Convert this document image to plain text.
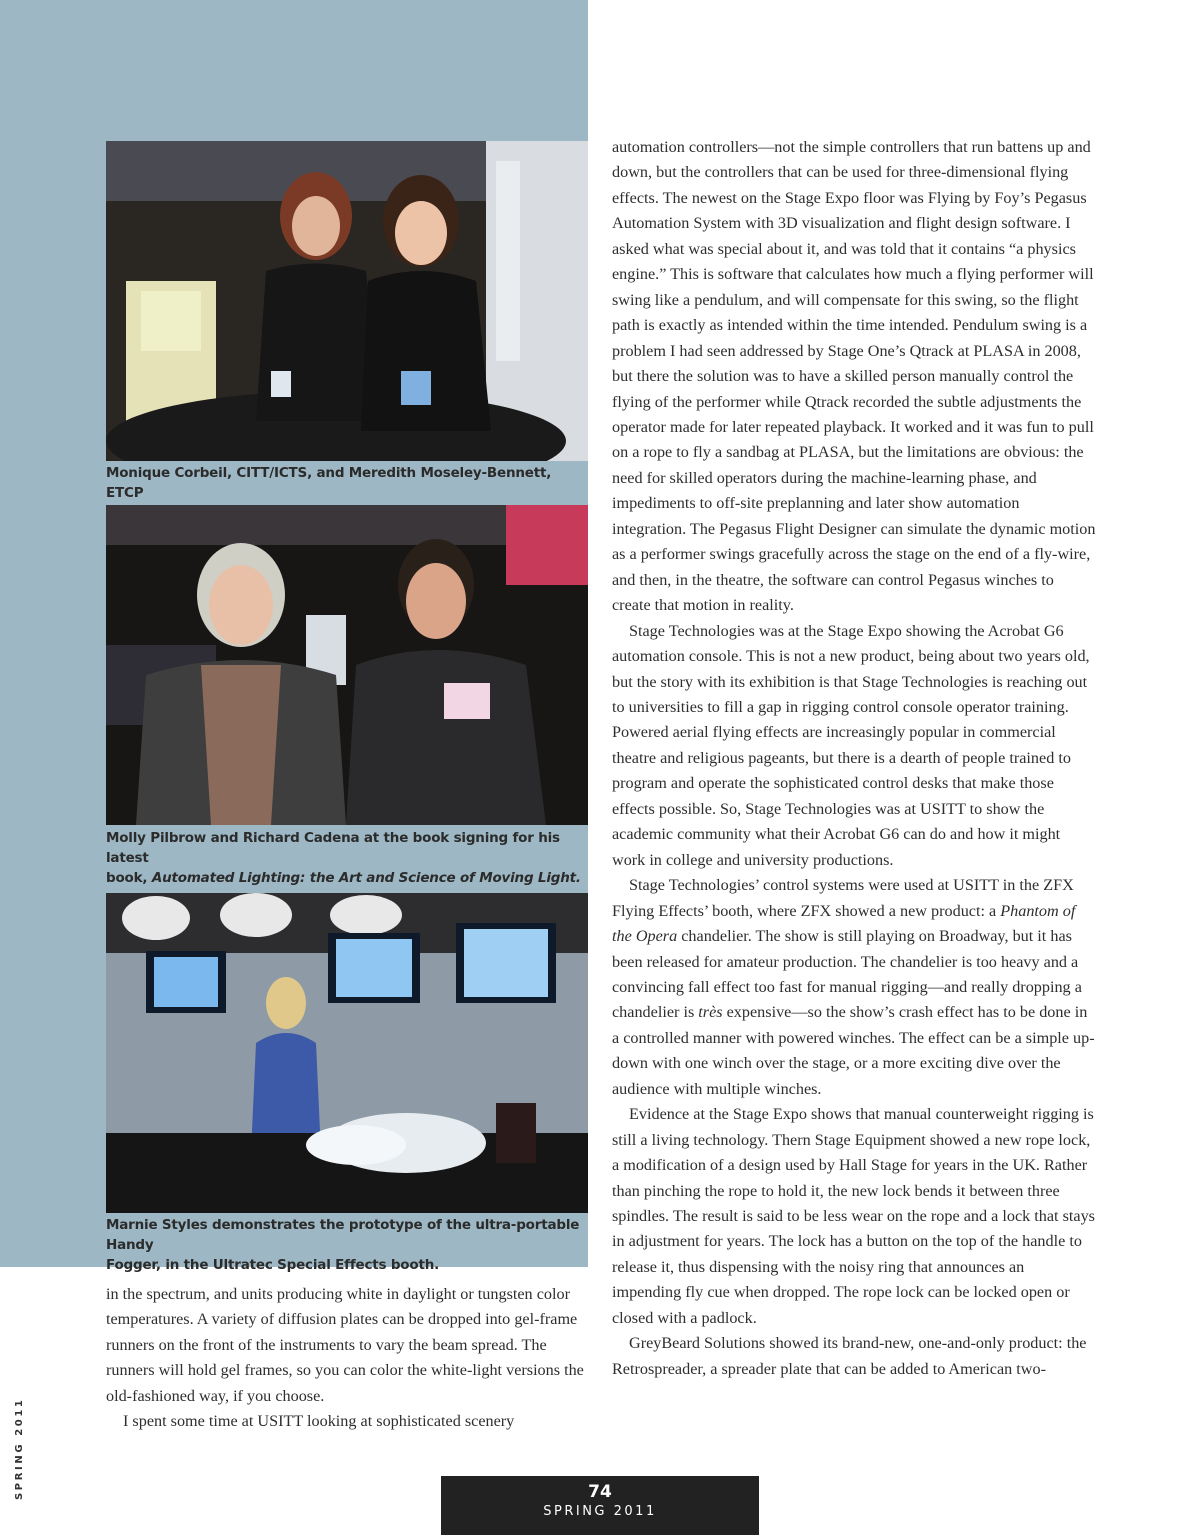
Monique Corbeil, CITT/ICTS, and Meredith Moseley-Bennett, ETCP
Molly Pilbrow and Richard Cadena at the book signing for his latest
book, Automated Lighting: the Art and Science of Moving Light.
Marnie Styles demonstrates the prototype of the ultra-portable Handy
Fogger, in the Ultratec Special Effects booth.

in the spectrum, and units producing white in daylight or tungsten color temperatures. A variety of diffusion plates can be dropped into gel-frame runners on the front of the instruments to vary the beam spread. The runners will hold gel frames, so you can color the white-light versions the old-fashioned way, if you choose.

I spent some time at USITT looking at sophisticated scenery

automation controllers—not the simple controllers that run battens up and down, but the controllers that can be used for three-dimensional flying effects. The newest on the Stage Expo floor was Flying by Foy’s Pegasus Automation System with 3D visualization and flight design software. I asked what was special about it, and was told that it contains “a physics engine.” This is software that calculates how much a flying performer will swing like a pendulum, and will compensate for this swing, so the flight path is exactly as intended within the time intended. Pendulum swing is a problem I had seen addressed by Stage One’s Qtrack at PLASA in 2008, but there the solution was to have a skilled person manually control the flying of the performer while Qtrack recorded the subtle adjustments the operator made for later repeated playback. It worked and it was fun to pull on a rope to fly a sandbag at PLASA, but the limitations are obvious: the need for skilled operators during the machine-learning phase, and impediments to off-site preplanning and later show automation integration. The Pegasus Flight Designer can simulate the dynamic motion as a performer swings gracefully across the stage on the end of a fly-wire, and then, in the theatre, the software can control Pegasus winches to create that motion in reality.

Stage Technologies was at the Stage Expo showing the Acrobat G6 automation console. This is not a new product, being about two years old, but the story with its exhibition is that Stage Technologies is reaching out to universities to fill a gap in rigging control console operator training. Powered aerial flying effects are increasingly popular in commercial theatre and religious pageants, but there is a dearth of people trained to program and operate the sophisticated control desks that make those effects possible. So, Stage Technologies was at USITT to show the academic community what their Acrobat G6 can do and how it might work in college and university productions.

Stage Technologies’ control systems were used at USITT in the ZFX Flying Effects’ booth, where ZFX showed a new product: a Phantom of the Opera chandelier. The show is still playing on Broadway, but it has been released for amateur production. The chandelier is too heavy and a convincing fall effect too fast for manual rigging—and really dropping a chandelier is très expensive—so the show’s crash effect has to be done in a controlled manner with powered winches. The effect can be a simple up-down with one winch over the stage, or a more exciting dive over the audience with multiple winches.

Evidence at the Stage Expo shows that manual counterweight rigging is still a living technology. Thern Stage Equipment showed a new rope lock, a modification of a design used by Hall Stage for years in the UK. Rather than pinching the rope to hold it, the new lock bends it between three spindles. The result is said to be less wear on the rope and a lock that stays in adjustment for years. The lock has a button on the top of the handle to release it, thus dispensing with the noisy ring that announces an impending fly cue when dropped. The rope lock can be locked open or closed with a padlock.

GreyBeard Solutions showed its brand-new, one-and-only product: the Retrospreader, a spreader plate that can be added to American two-

SPRING 2011	74
SPRING 2011
